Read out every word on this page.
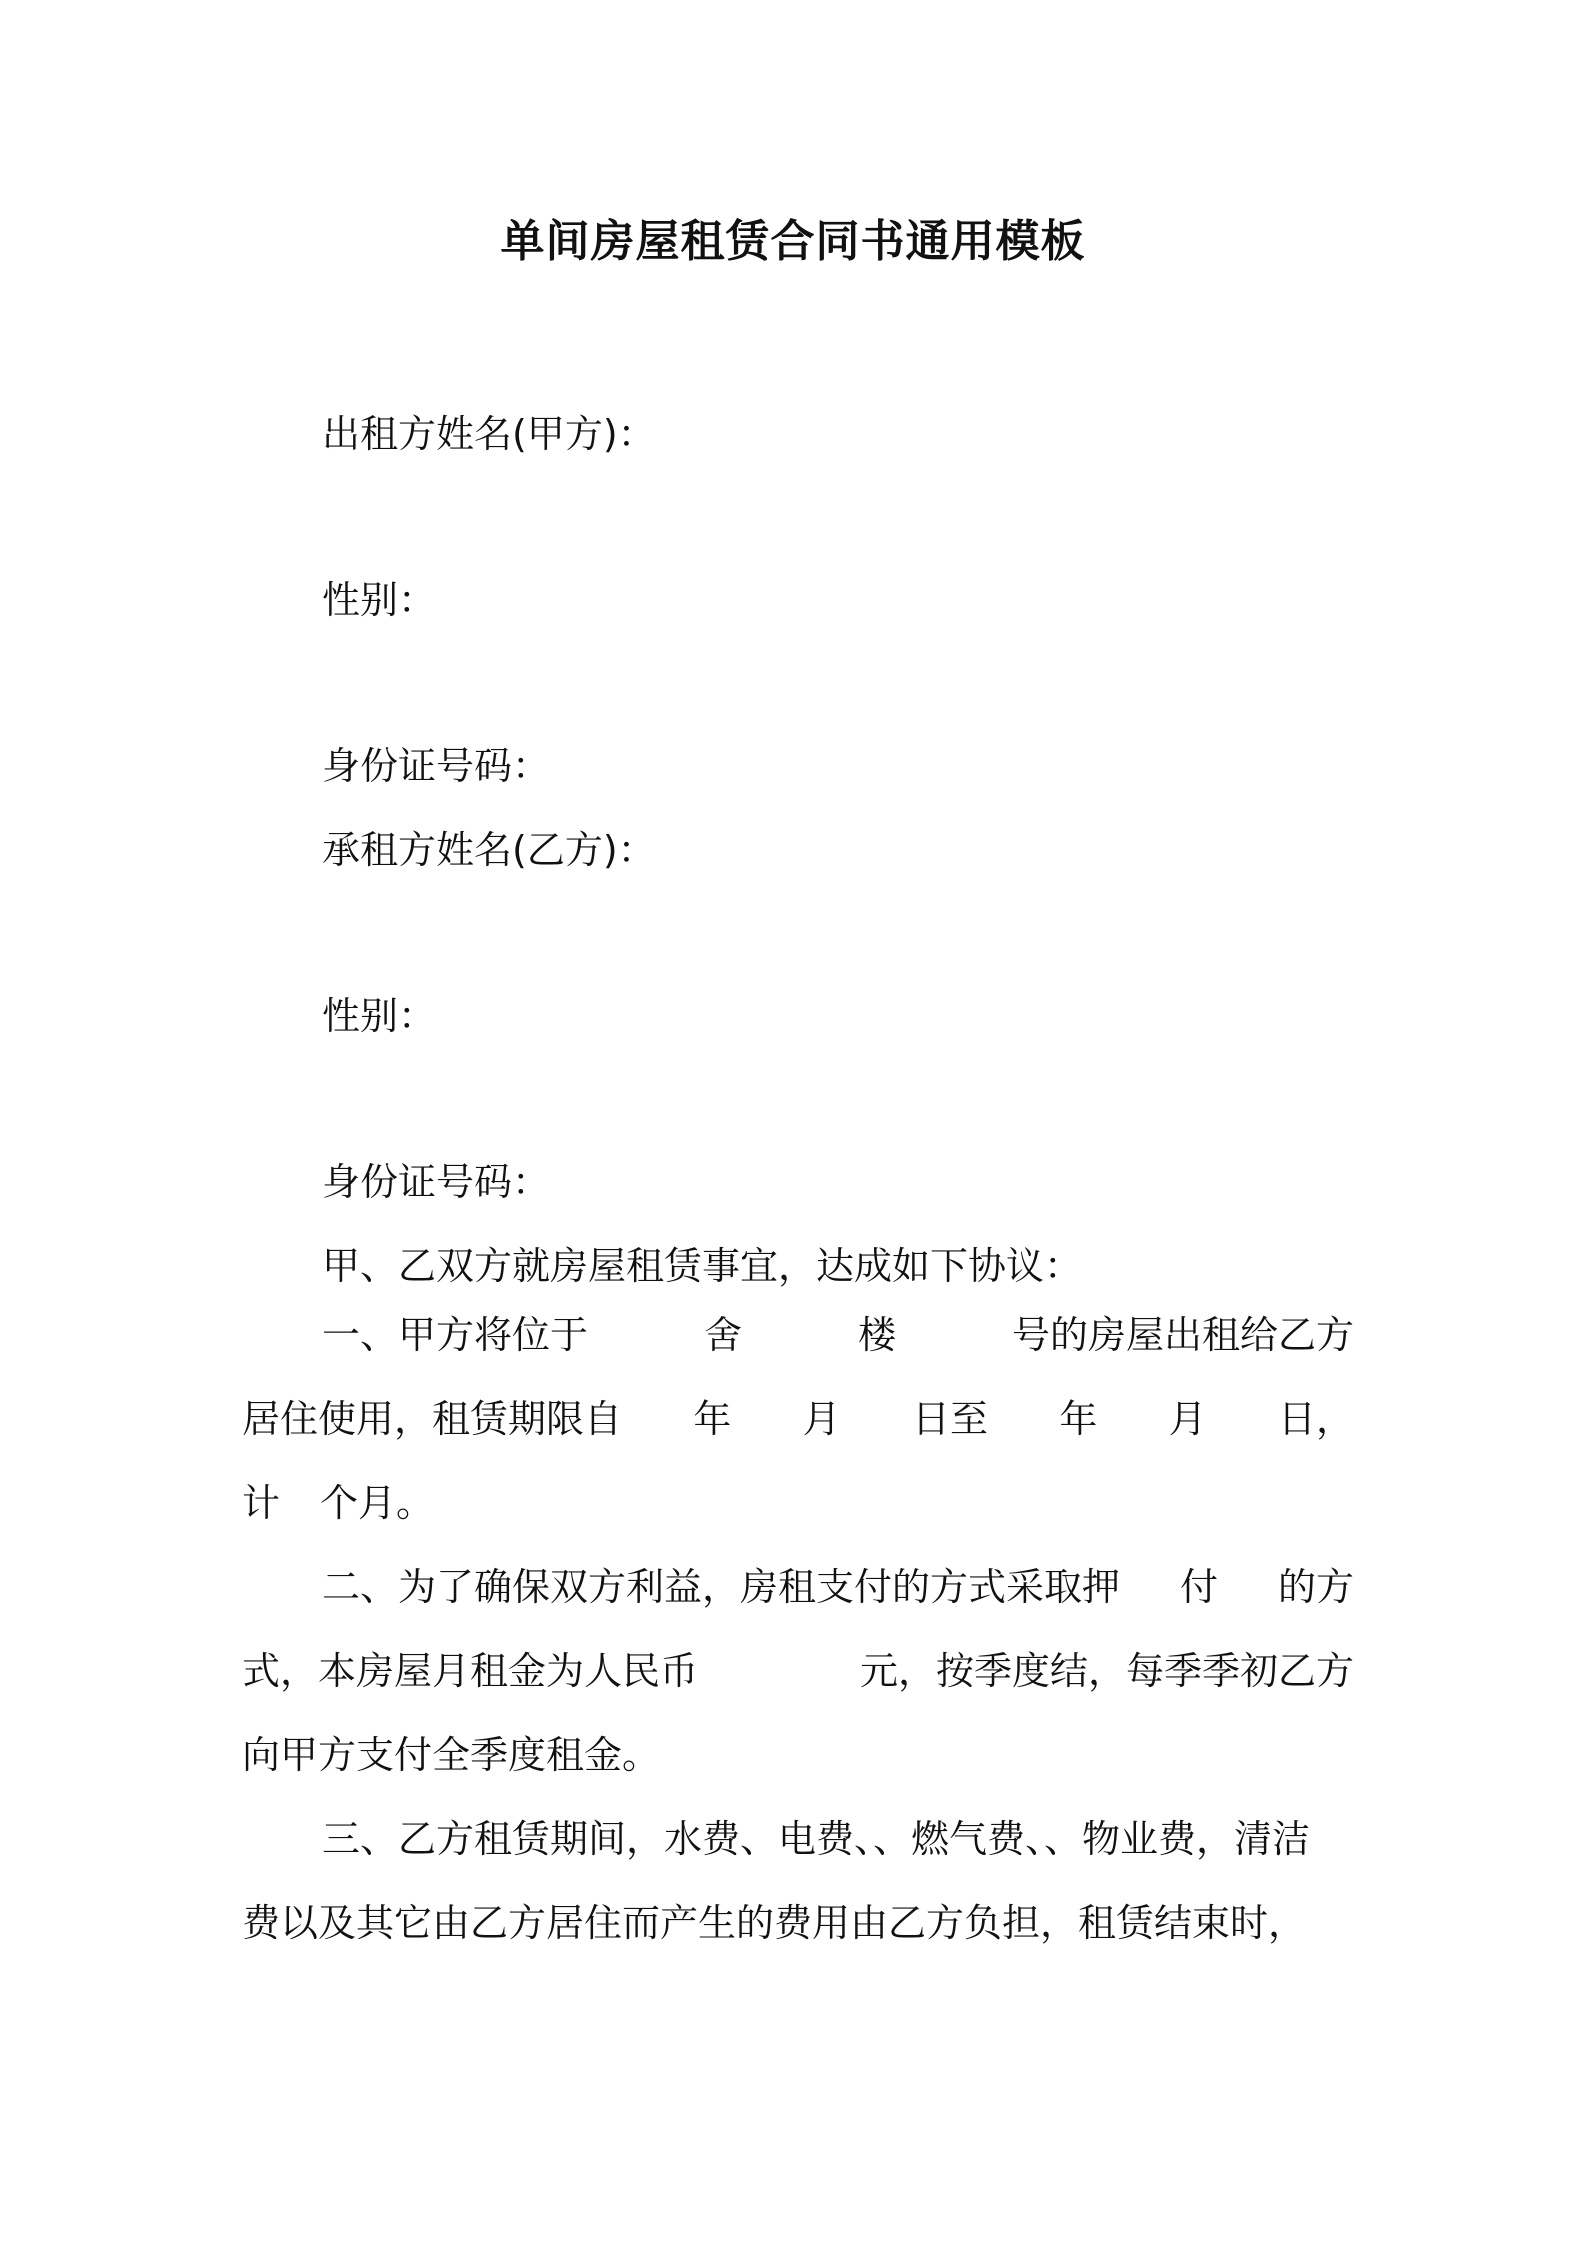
单间房屋租赁合同书通用模板
出租方姓名(甲方)：
性别：
身份证号码：
承租方姓名(乙方)：
性别：
身份证号码：
甲、乙双方就房屋租赁事宜，达成如下协议：
一、甲方将位于	舍	楼	号的房屋出租给乙方
居住使用，租赁期限自 年 月 日至 年 月 日，
计 个月。
二、为了确保双方利益，房租支付的方式采取押 付 的方
式，本房屋月租金为人民币	元，按季度结，每季季初乙方
向甲方支付全季度租金。
三、乙方租赁期间，水费、电费、、燃气费、、物业费，清洁
费以及其它由乙方居住而产生的费用由乙方负担，租赁结束时，
